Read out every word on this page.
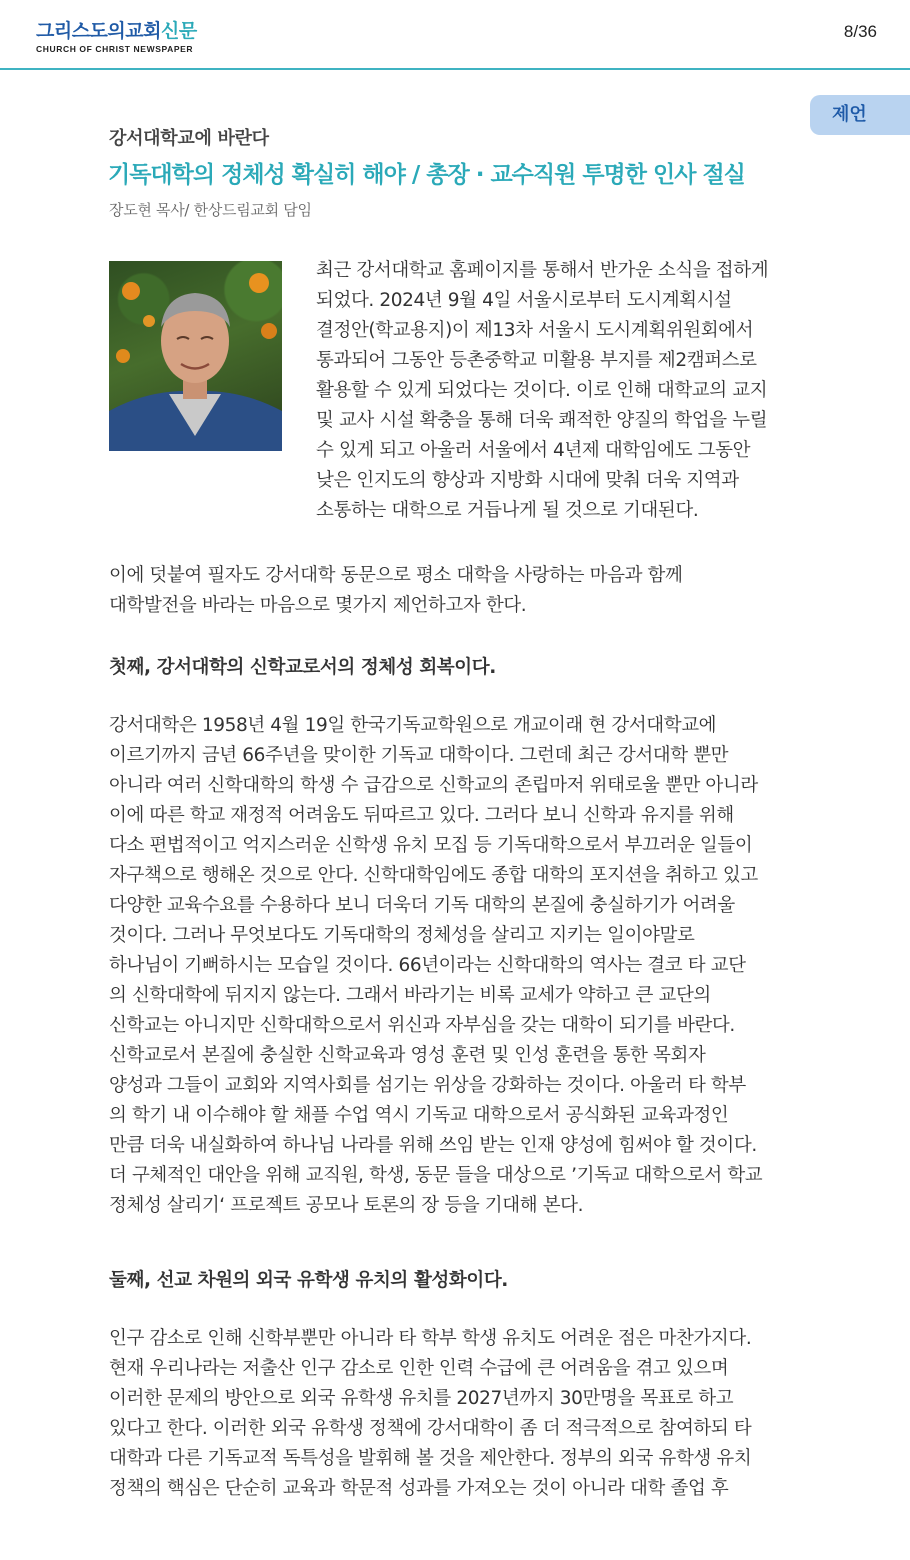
그리스도의교회신문
CHURCH OF CHRIST NEWSPAPER
8/36
제언
강서대학교에 바란다
기독대학의 정체성 확실히 해야 / 총장 · 교수직원 투명한 인사 절실
장도현 목사/ 한상드림교회 담임
최근 강서대학교 홈페이지를 통해서 반가운 소식을 접하게
되었다. 2024년 9월 4일 서울시로부터 도시계획시설
결정안(학교용지)이 제13차 서울시 도시계획위원회에서
통과되어 그동안 등촌중학교 미활용 부지를 제2캠퍼스로
활용할 수 있게 되었다는 것이다. 이로 인해 대학교의 교지
및 교사 시설 확충을 통해 더욱 쾌적한 양질의 학업을 누릴
수 있게 되고 아울러 서울에서 4년제 대학임에도 그동안
낮은 인지도의 향상과 지방화 시대에 맞춰 더욱 지역과
소통하는 대학으로 거듭나게 될 것으로 기대된다.
이에 덧붙여 필자도 강서대학 동문으로 평소 대학을 사랑하는 마음과 함께
대학발전을 바라는 마음으로 몇가지 제언하고자 한다.
첫째, 강서대학의 신학교로서의 정체성 회복이다.
강서대학은 1958년 4월 19일 한국기독교학원으로 개교이래 현 강서대학교에
이르기까지 금년 66주년을 맞이한 기독교 대학이다. 그런데 최근 강서대학 뿐만
아니라 여러 신학대학의 학생 수 급감으로 신학교의 존립마저 위태로울 뿐만 아니라
이에 따른 학교 재정적 어려움도 뒤따르고 있다. 그러다 보니 신학과 유지를 위해
다소 편법적이고 억지스러운 신학생 유치 모집 등 기독대학으로서 부끄러운 일들이
자구책으로 행해온 것으로 안다. 신학대학임에도 종합 대학의 포지션을 취하고 있고
다양한 교육수요를 수용하다 보니 더욱더 기독 대학의 본질에 충실하기가 어려울
것이다. 그러나 무엇보다도 기독대학의 정체성을 살리고 지키는 일이야말로
하나님이 기뻐하시는 모습일 것이다. 66년이라는 신학대학의 역사는 결코 타 교단
의 신학대학에 뒤지지 않는다. 그래서 바라기는 비록 교세가 약하고 큰 교단의
신학교는 아니지만 신학대학으로서 위신과 자부심을 갖는 대학이 되기를 바란다.
신학교로서 본질에 충실한 신학교육과 영성 훈련 및 인성 훈련을 통한 목회자
양성과 그들이 교회와 지역사회를 섬기는 위상을 강화하는 것이다. 아울러 타 학부
의 학기 내 이수해야 할 채플 수업 역시 기독교 대학으로서 공식화된 교육과정인
만큼 더욱 내실화하여 하나님 나라를 위해 쓰임 받는 인재 양성에 힘써야 할 것이다.
더 구체적인 대안을 위해 교직원, 학생, 동문 들을 대상으로 ’기독교 대학으로서 학교
정체성 살리기‘ 프로젝트 공모나 토론의 장 등을 기대해 본다.
둘째, 선교 차원의 외국 유학생 유치의 활성화이다.
인구 감소로 인해 신학부뿐만 아니라 타 학부 학생 유치도 어려운 점은 마찬가지다.
현재 우리나라는 저출산 인구 감소로 인한 인력 수급에 큰 어려움을 겪고 있으며
이러한 문제의 방안으로 외국 유학생 유치를 2027년까지 30만명을 목표로 하고
있다고 한다. 이러한 외국 유학생 정책에 강서대학이 좀 더 적극적으로 참여하되 타
대학과 다른 기독교적 독특성을 발휘해 볼 것을 제안한다. 정부의 외국 유학생 유치
정책의 핵심은 단순히 교육과 학문적 성과를 가져오는 것이 아니라 대학 졸업 후
